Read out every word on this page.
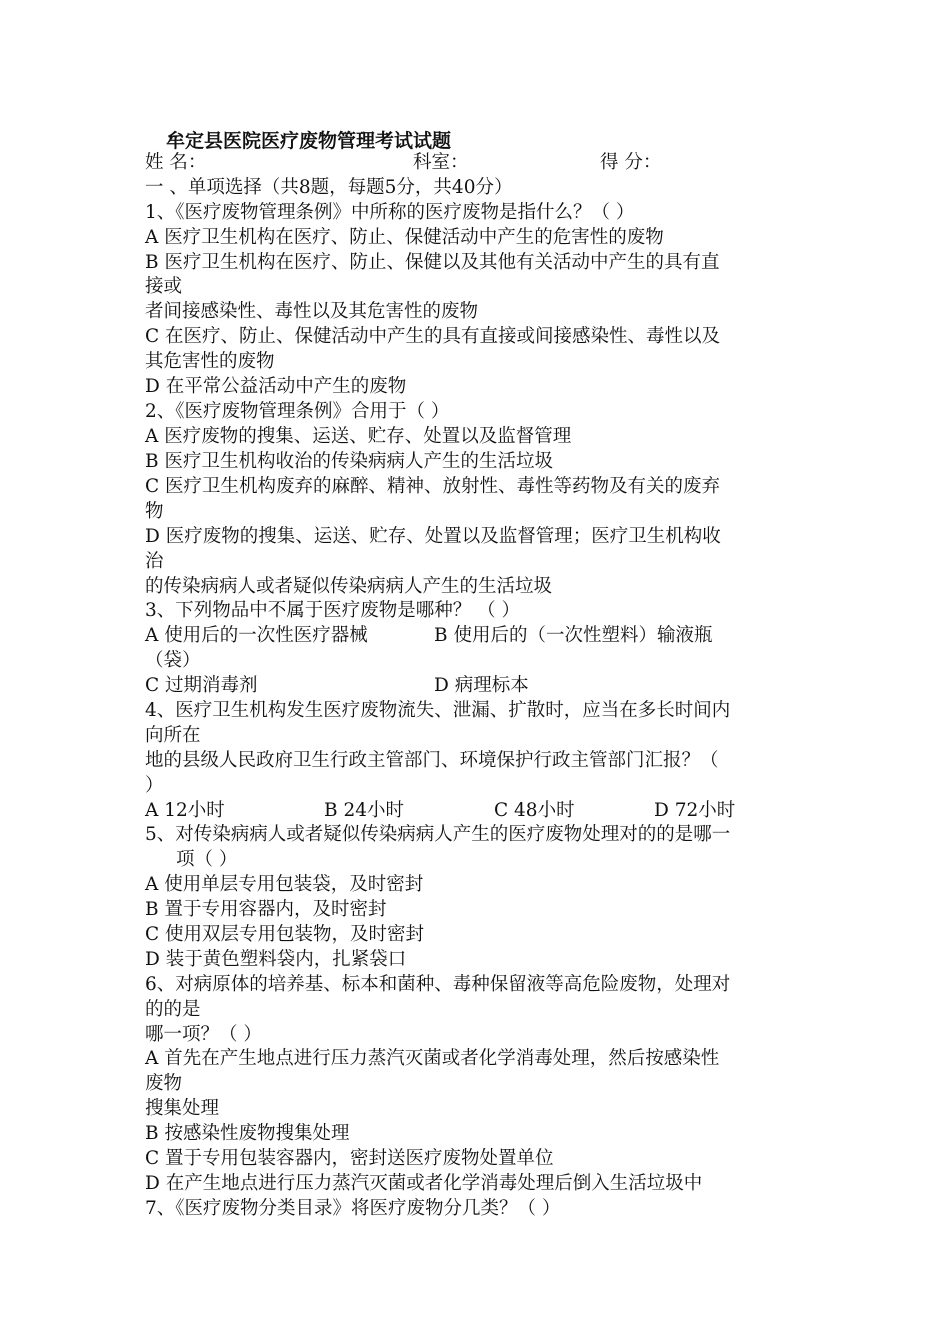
牟定县医院医疗废物管理考试试题
姓 名：	科室：	得 分：
一 、单项选择（共8题，每题5分，共40分）
1、《医疗废物管理条例》中所称的医疗废物是指什么？（ ）
A 医疗卫生机构在医疗、防止、保健活动中产生的危害性的废物
B 医疗卫生机构在医疗、防止、保健以及其他有关活动中产生的具有直
接或
者间接感染性、毒性以及其危害性的废物
C 在医疗、防止、保健活动中产生的具有直接或间接感染性、毒性以及
其危害性的废物
D 在平常公益活动中产生的废物
2、《医疗废物管理条例》合用于（ ）
A 医疗废物的搜集、运送、贮存、处置以及监督管理
B 医疗卫生机构收治的传染病病人产生的生活垃圾
C 医疗卫生机构废弃的麻醉、精神、放射性、毒性等药物及有关的废弃
物
D 医疗废物的搜集、运送、贮存、处置以及监督管理；医疗卫生机构收
治
的传染病病人或者疑似传染病病人产生的生活垃圾
3、下列物品中不属于医疗废物是哪种？ （ ）
A 使用后的一次性医疗器械	B 使用后的（一次性塑料）输液瓶
（袋）
C 过期消毒剂	D 病理标本
4、医疗卫生机构发生医疗废物流失、泄漏、扩散时，应当在多长时间内
向所在
地的县级人民政府卫生行政主管部门、环境保护行政主管部门汇报？（
）
A 12小时	B 24小时	C 48小时	D 72小时
5、对传染病病人或者疑似传染病病人产生的医疗废物处理对的的是哪一
项（ ）
A 使用单层专用包装袋，及时密封
B 置于专用容器内，及时密封
C 使用双层专用包装物，及时密封
D 装于黄色塑料袋内，扎紧袋口
6、对病原体的培养基、标本和菌种、毒种保留液等高危险废物，处理对
的的是
哪一项？（ ）
A 首先在产生地点进行压力蒸汽灭菌或者化学消毒处理，然后按感染性
废物
搜集处理
B 按感染性废物搜集处理
C 置于专用包装容器内，密封送医疗废物处置单位
D 在产生地点进行压力蒸汽灭菌或者化学消毒处理后倒入生活垃圾中
7、《医疗废物分类目录》将医疗废物分几类？（ ）
